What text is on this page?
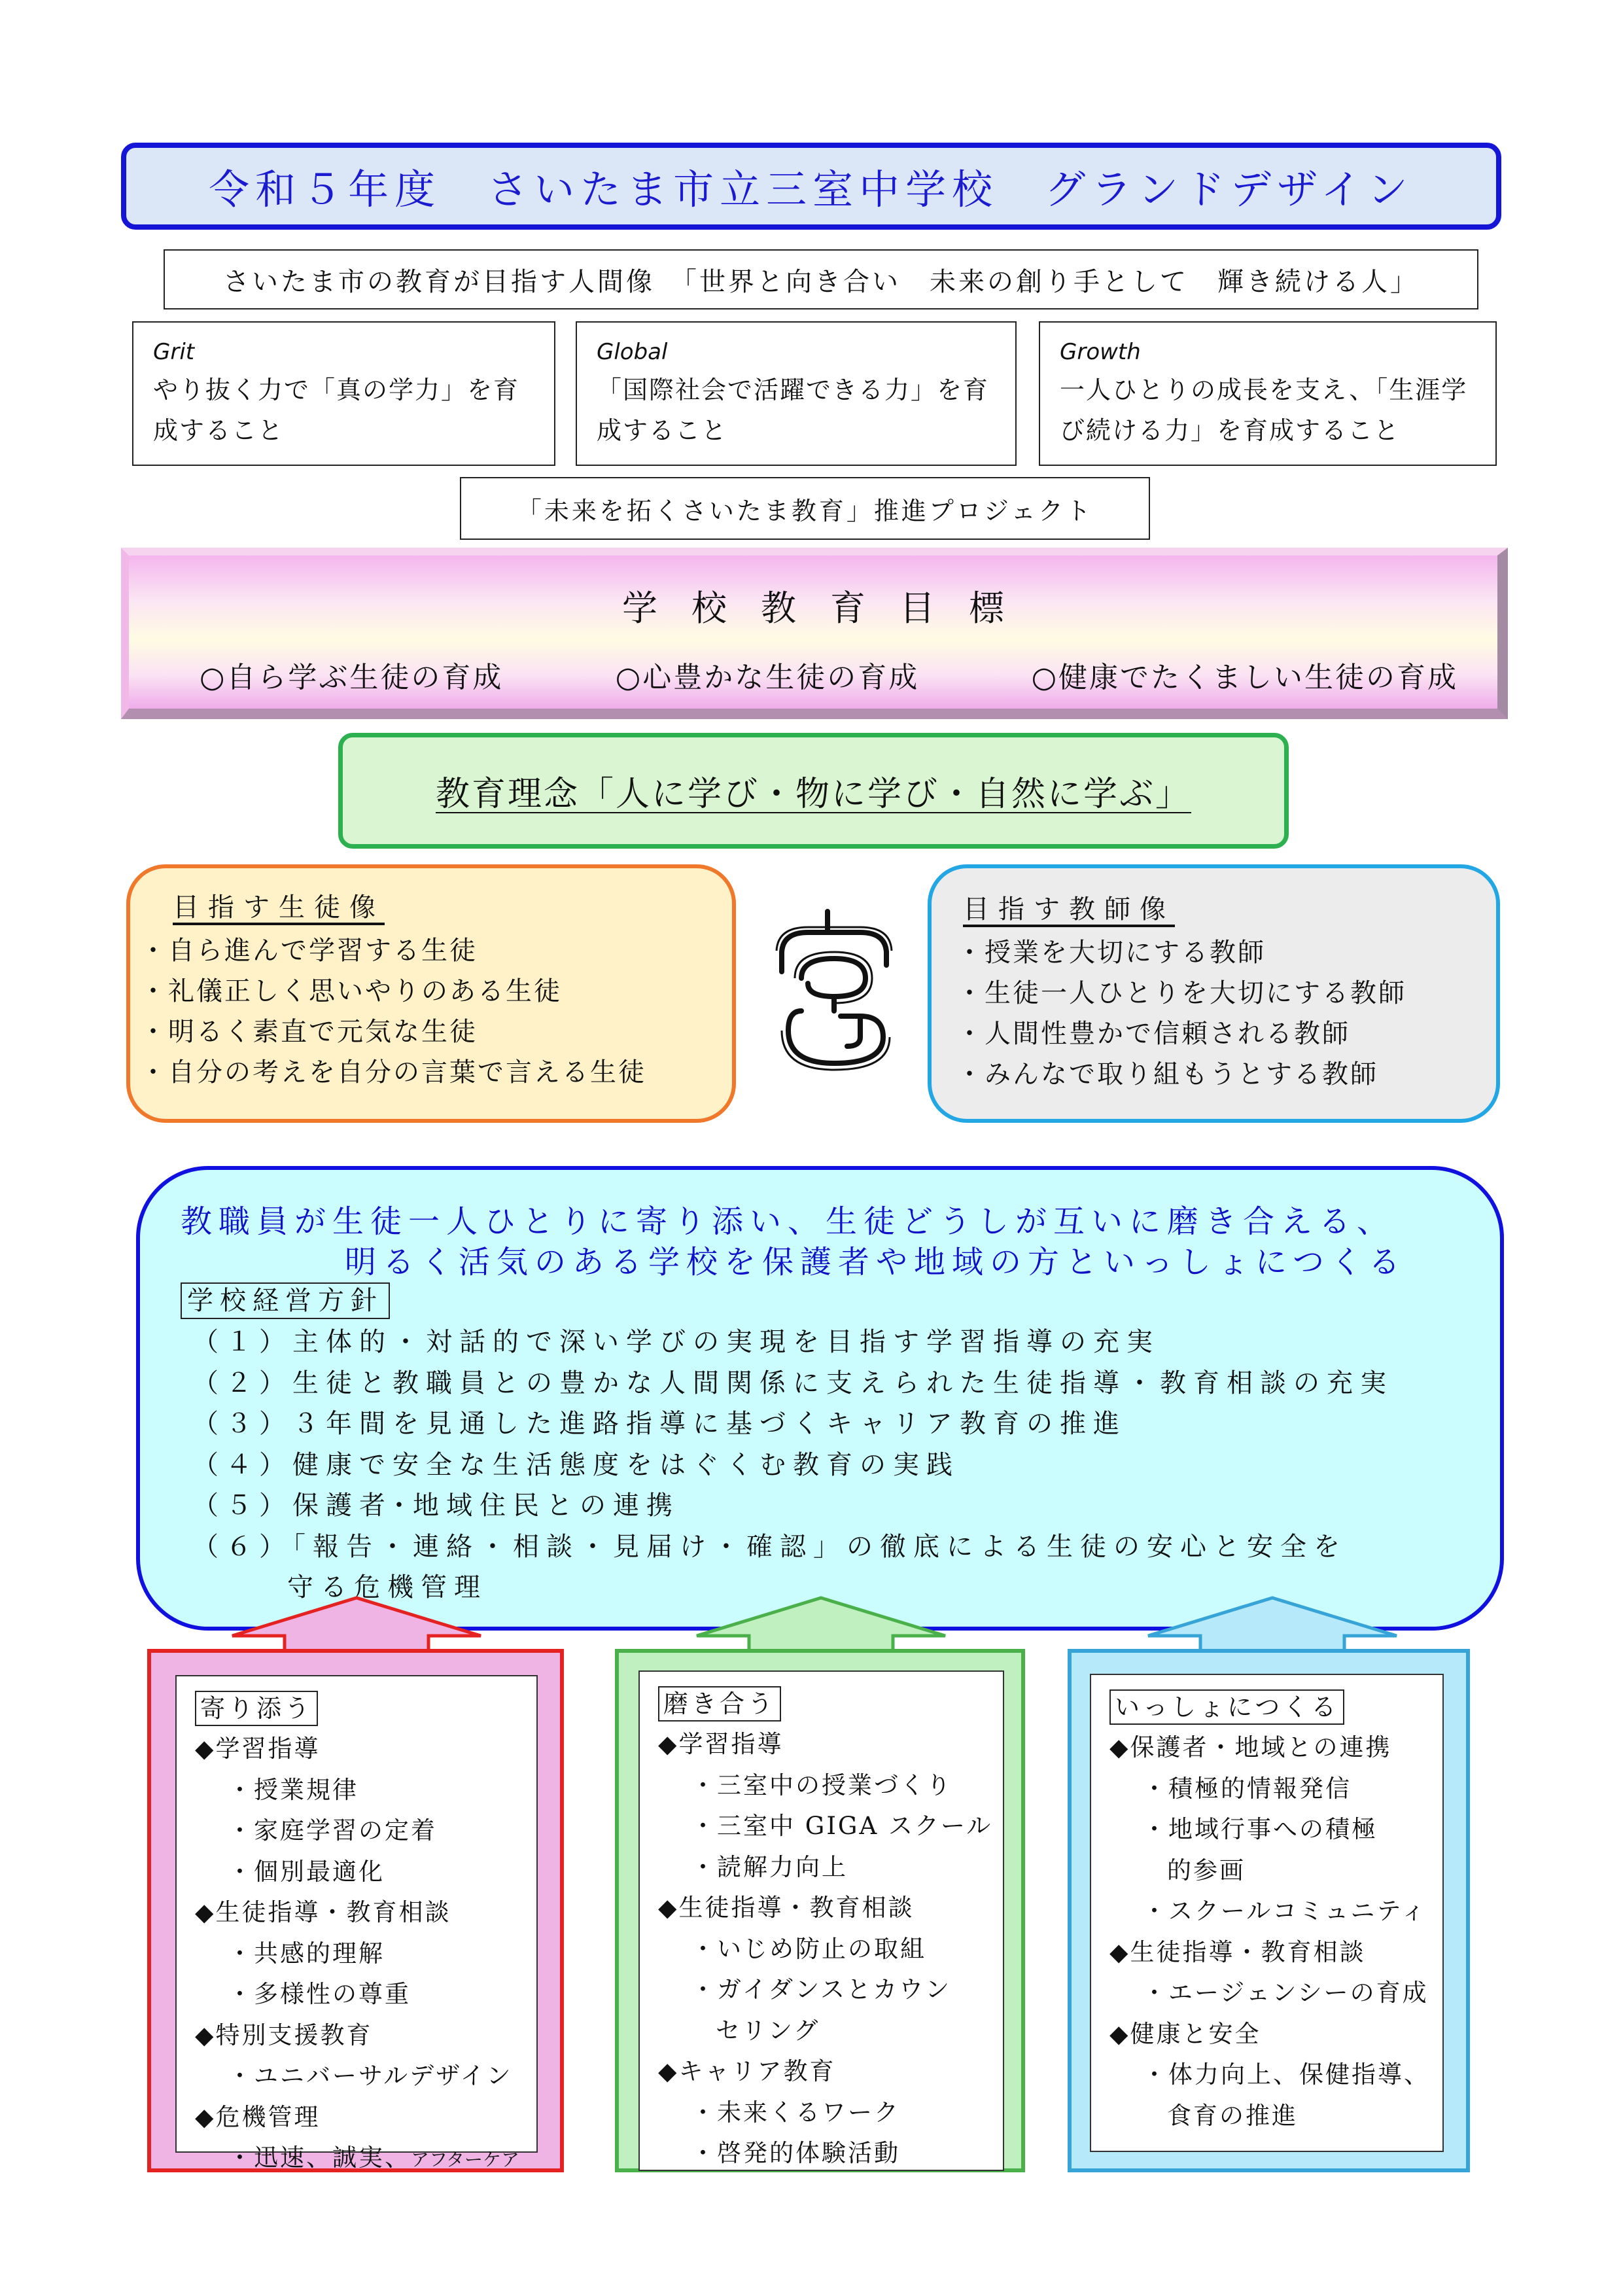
令和５年度　さいたま市立三室中学校　グランドデザイン
さいたま市の教育が目指す人間像　「世界と向き合い　未来の創り手として　輝き続ける人」
Grit
やり抜く力で「真の学力」を育
成すること
Global
「国際社会で活躍できる力」を育
成すること
Growth
一人ひとりの成長を支え、「生涯学
び続ける力」を育成すること
「未来を拓くさいたま教育」推進プロジェクト
学校教育目標
○自ら学ぶ生徒の育成	○心豊かな生徒の育成	○健康でたくましい生徒の育成
教育理念「人に学び・物に学び・自然に学ぶ」
目指す生徒像
・自ら進んで学習する生徒
・礼儀正しく思いやりのある生徒
・明るく素直で元気な生徒
・自分の考えを自分の言葉で言える生徒
目指す教師像
・授業を大切にする教師
・生徒一人ひとりを大切にする教師
・人間性豊かで信頼される教師
・みんなで取り組もうとする教師
教職員が生徒一人ひとりに寄り添い、生徒どうしが互いに磨き合える、
明るく活気のある学校を保護者や地域の方といっしょにつくる
学校経営方針
（１）主体的・対話的で深い学びの実現を目指す学習指導の充実
（２）生徒と教職員との豊かな人間関係に支えられた生徒指導・教育相談の充実
（３）３年間を見通した進路指導に基づくキャリア教育の推進
（４）健康で安全な生活態度をはぐくむ教育の実践
（５）保護者･地域住民との連携
（６）「報告・連絡・相談・見届け・確認」の徹底による生徒の安心と安全を
守る危機管理
寄り添う
◆学習指導
・授業規律
・家庭学習の定着
・個別最適化
◆生徒指導・教育相談
・共感的理解
・多様性の尊重
◆特別支援教育
・ユニバーサルデザイン
◆危機管理
・迅速、誠実、アフターケア
磨き合う
◆学習指導
・三室中の授業づくり
・三室中 GIGA スクール
・読解力向上
◆生徒指導・教育相談
・いじめ防止の取組
・ガイダンスとカウン
セリング
◆キャリア教育
・未来くるワーク
・啓発的体験活動
いっしょにつくる
◆保護者・地域との連携
・積極的情報発信
・地域行事への積極
的参画
・スクールコミュニティ
◆生徒指導・教育相談
・エージェンシーの育成
◆健康と安全
・体力向上、保健指導、
食育の推進
